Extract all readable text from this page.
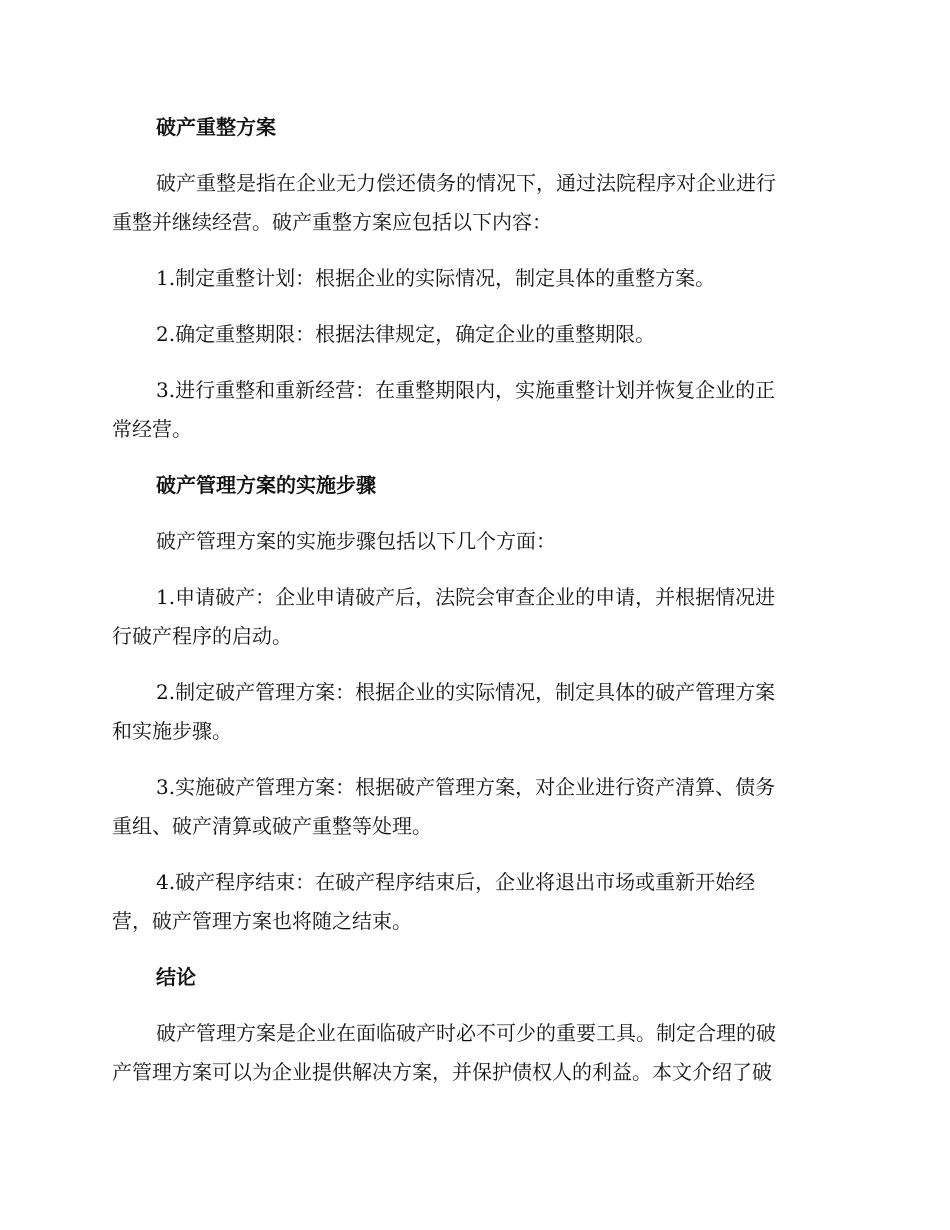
破产重整方案

破产重整是指在企业无力偿还债务的情况下，通过法院程序对企业进行
重整并继续经营。破产重整方案应包括以下内容：

1.制定重整计划：根据企业的实际情况，制定具体的重整方案。

2.确定重整期限：根据法律规定，确定企业的重整期限。

3.进行重整和重新经营：在重整期限内，实施重整计划并恢复企业的正
常经营。

破产管理方案的实施步骤

破产管理方案的实施步骤包括以下几个方面：

1.申请破产：企业申请破产后，法院会审查企业的申请，并根据情况进
行破产程序的启动。

2.制定破产管理方案：根据企业的实际情况，制定具体的破产管理方案
和实施步骤。

3.实施破产管理方案：根据破产管理方案，对企业进行资产清算、债务
重组、破产清算或破产重整等处理。

4.破产程序结束：在破产程序结束后，企业将退出市场或重新开始经
营，破产管理方案也将随之结束。

结论

破产管理方案是企业在面临破产时必不可少的重要工具。制定合理的破
产管理方案可以为企业提供解决方案，并保护债权人的利益。本文介绍了破
